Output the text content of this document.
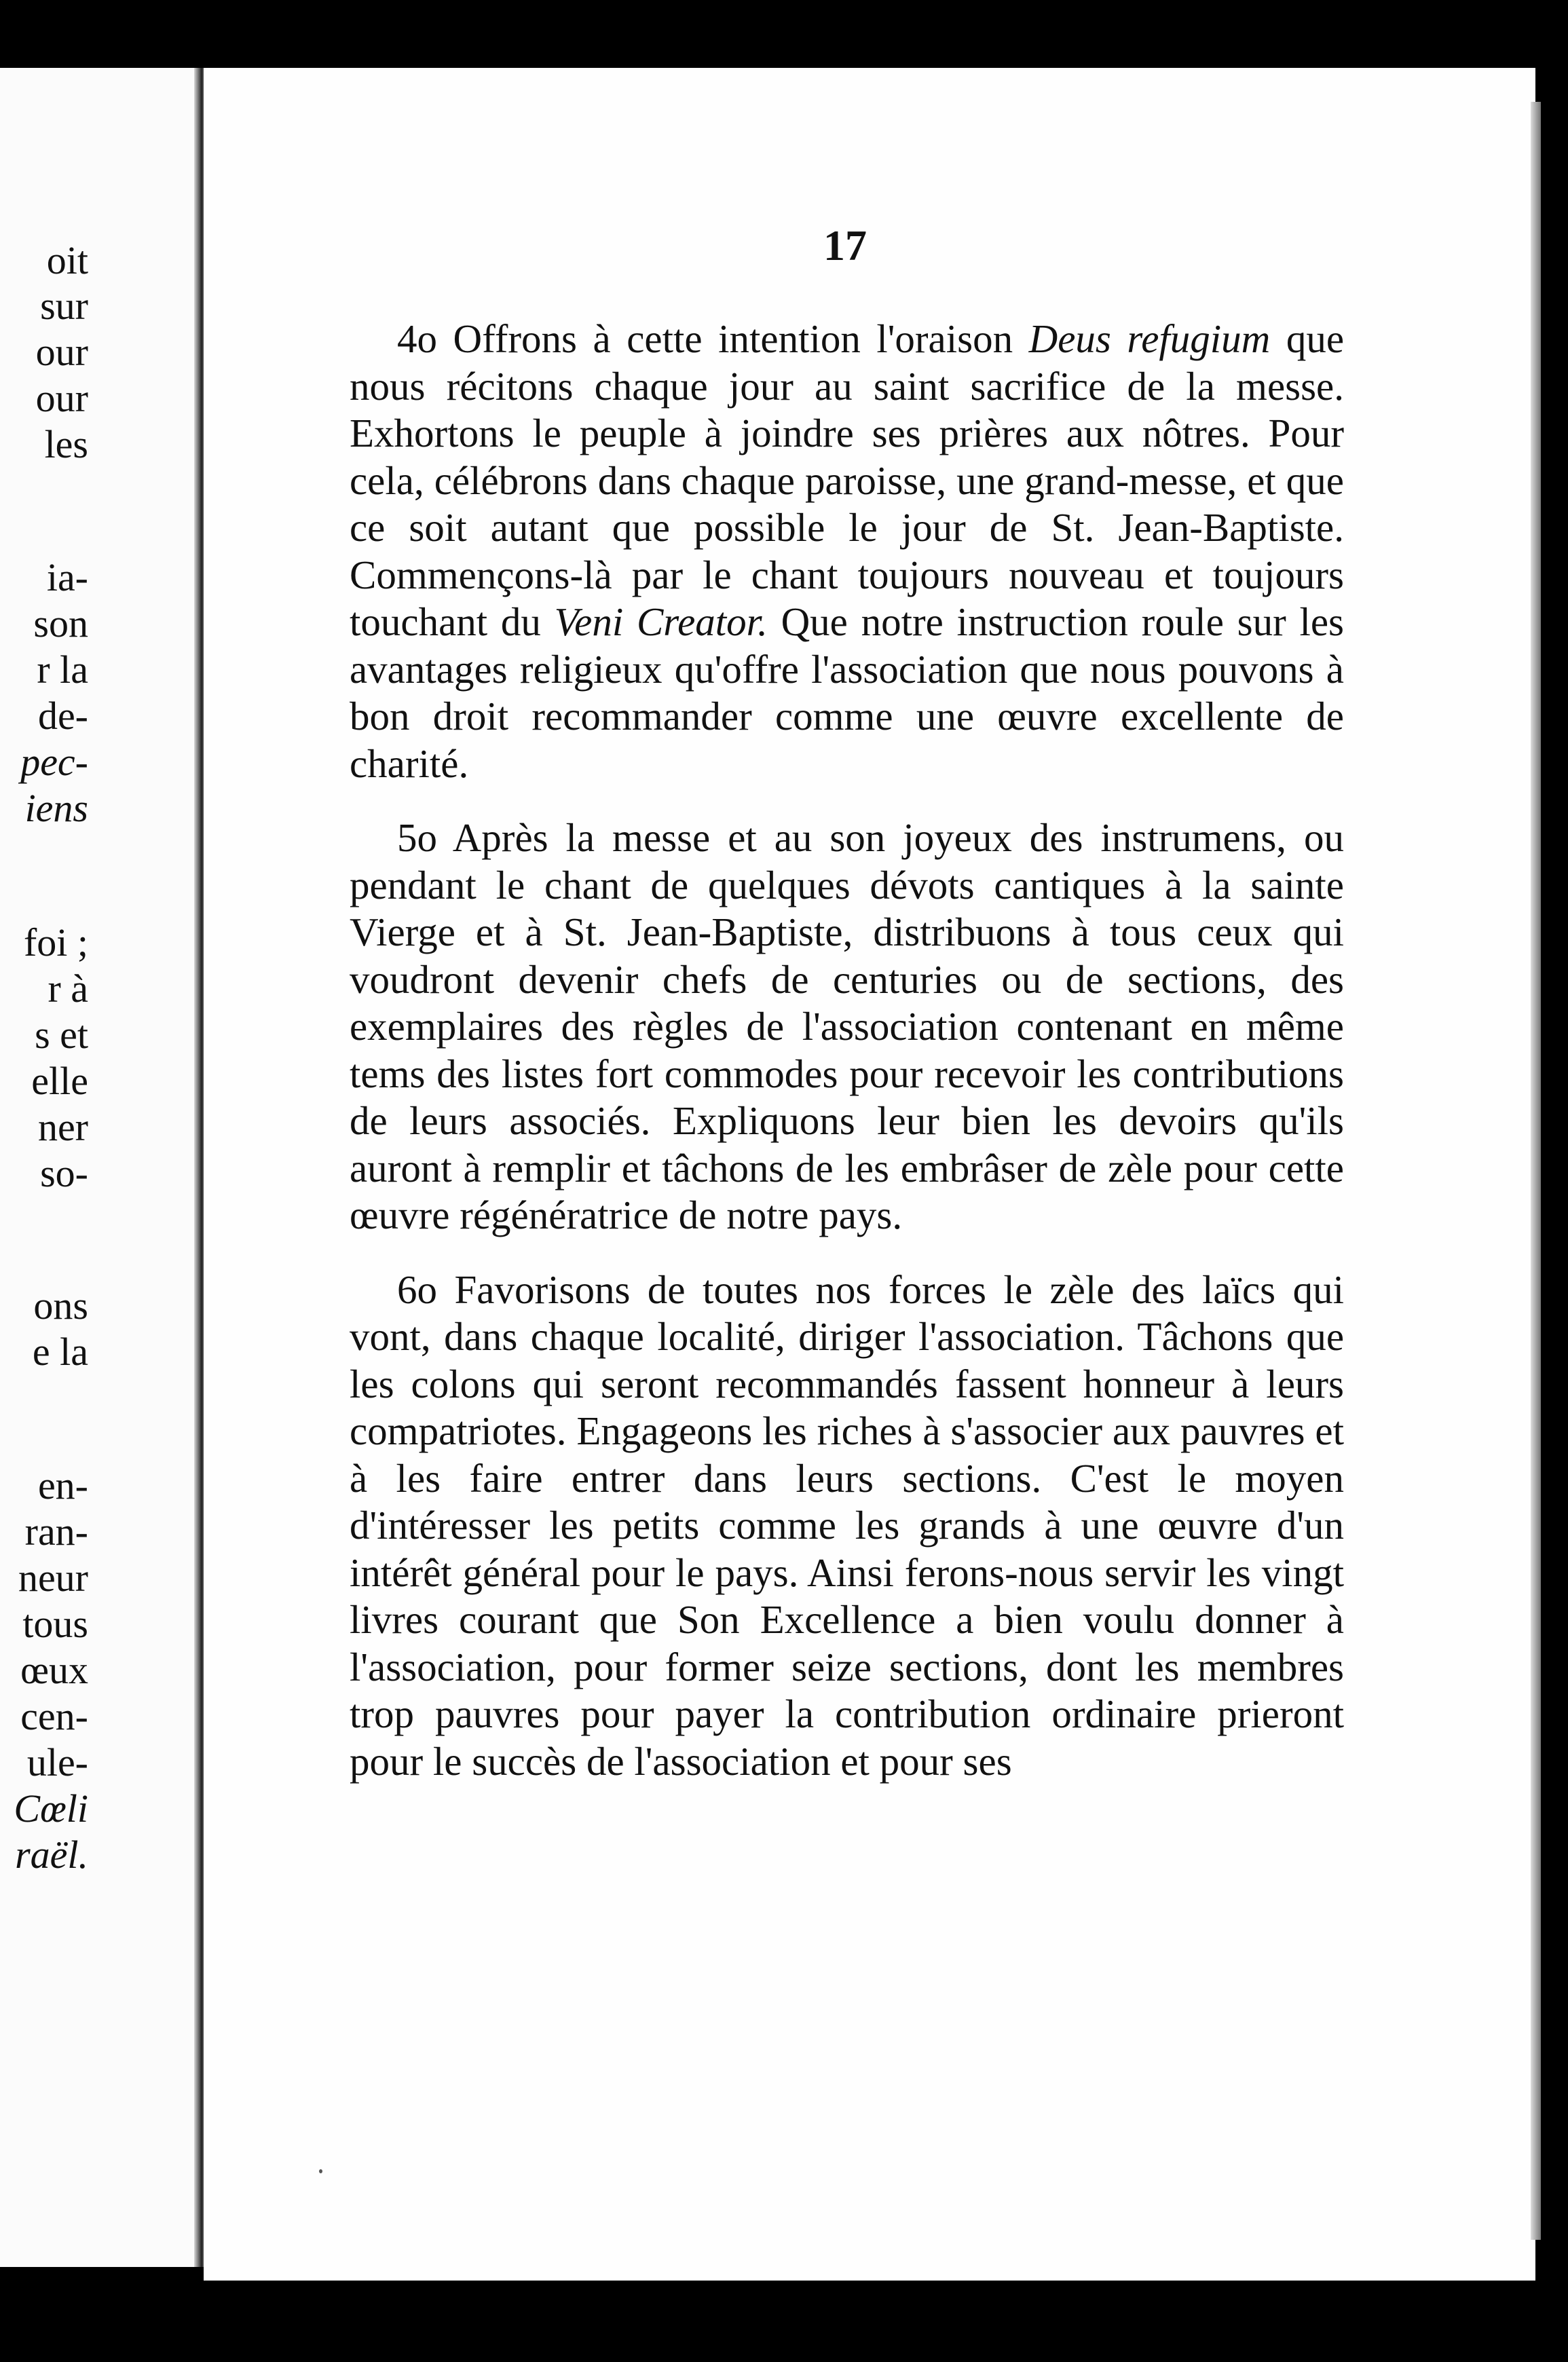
oit
sur
our
our
les
ia-
son
r la
de-
pec-
iens
foi ;
r à
s et
elle
ner
so-
ons
e la
en-
ran-
neur
tous
œux
cen-
ule-
Cœli
raël.
17

4o Offrons à cette intention l'oraison Deus refugium que nous récitons chaque jour au saint sacrifice de la messe. Exhortons le peuple à joindre ses prières aux nôtres. Pour cela, célébrons dans chaque paroisse, une grand-messe, et que ce soit autant que possible le jour de St. Jean-Baptiste. Commençons-là par le chant toujours nouveau et toujours touchant du Veni Creator. Que notre instruction roule sur les avantages religieux qu'offre l'association que nous pouvons à bon droit recommander comme une œuvre excellente de charité.

5o Après la messe et au son joyeux des instrumens, ou pendant le chant de quelques dévots cantiques à la sainte Vierge et à St. Jean-Baptiste, distribuons à tous ceux qui voudront devenir chefs de centuries ou de sections, des exemplaires des règles de l'association contenant en même tems des listes fort commodes pour recevoir les contributions de leurs associés. Expliquons leur bien les devoirs qu'ils auront à remplir et tâchons de les embrâser de zèle pour cette œuvre régénératrice de notre pays.

6o Favorisons de toutes nos forces le zèle des laïcs qui vont, dans chaque localité, diriger l'association. Tâchons que les colons qui seront recommandés fassent honneur à leurs compatriotes. Engageons les riches à s'associer aux pauvres et à les faire entrer dans leurs sections. C'est le moyen d'intéresser les petits comme les grands à une œuvre d'un intérêt général pour le pays. Ainsi ferons-nous servir les vingt livres courant que Son Excellence a bien voulu donner à l'association, pour former seize sections, dont les membres trop pauvres pour payer la contribution ordinaire prieront pour le succès de l'association et pour ses
